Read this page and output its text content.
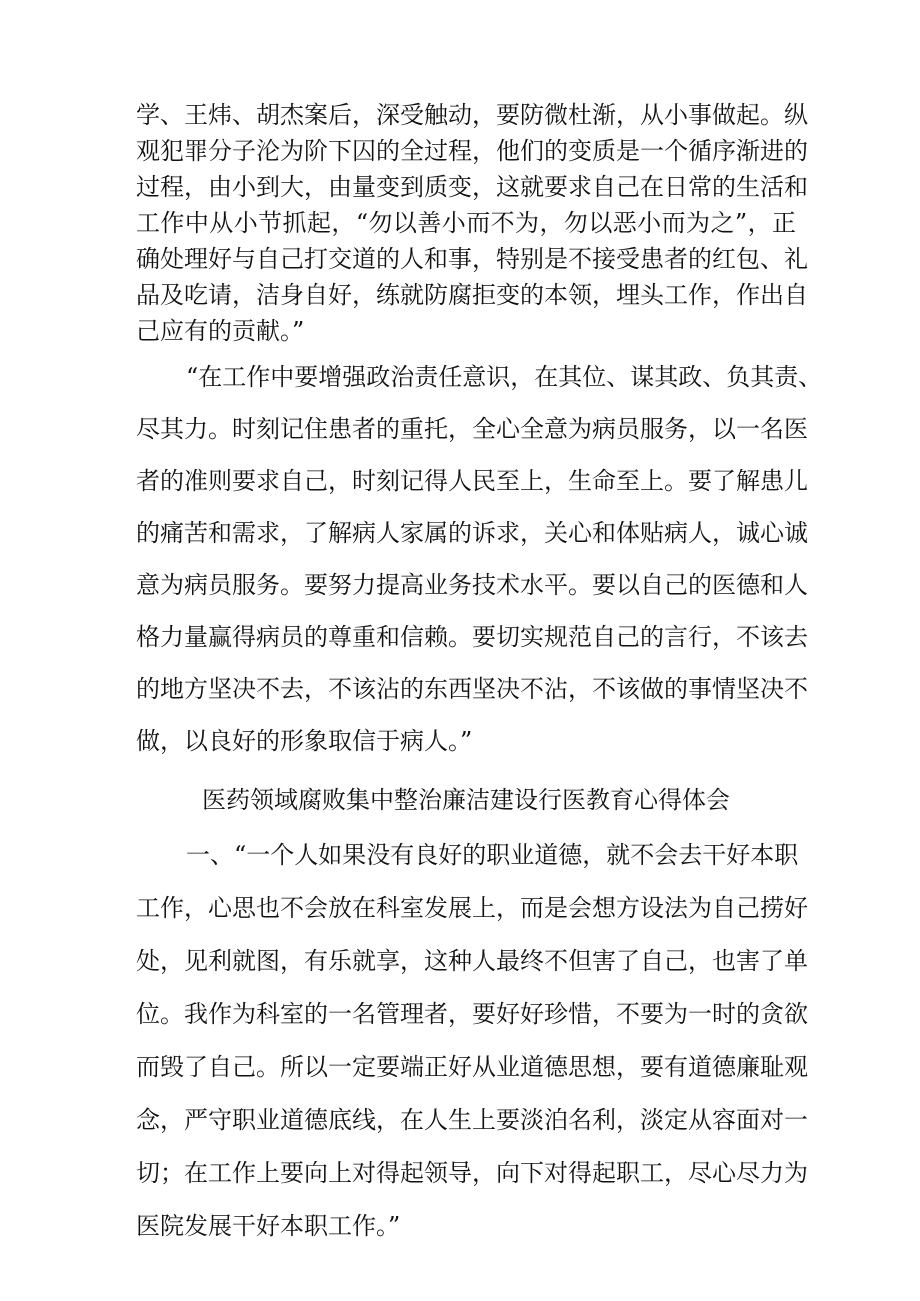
学、王炜、胡杰案后，深受触动，要防微杜渐，从小事做起。纵
观犯罪分子沦为阶下囚的全过程，他们的变质是一个循序渐进的
过程，由小到大，由量变到质变，这就要求自己在日常的生活和
工作中从小节抓起，“勿以善小而不为，勿以恶小而为之”，正
确处理好与自己打交道的人和事，特别是不接受患者的红包、礼
品及吃请，洁身自好，练就防腐拒变的本领，埋头工作，作出自
己应有的贡献。”
“在工作中要增强政治责任意识，在其位、谋其政、负其责、
尽其力。时刻记住患者的重托，全心全意为病员服务，以一名医
者的准则要求自己，时刻记得人民至上，生命至上。要了解患儿
的痛苦和需求，了解病人家属的诉求，关心和体贴病人，诚心诚
意为病员服务。要努力提高业务技术水平。要以自己的医德和人
格力量赢得病员的尊重和信赖。要切实规范自己的言行，不该去
的地方坚决不去，不该沾的东西坚决不沾，不该做的事情坚决不
做，以良好的形象取信于病人。”
医药领域腐败集中整治廉洁建设行医教育心得体会
一、“一个人如果没有良好的职业道德，就不会去干好本职
工作，心思也不会放在科室发展上，而是会想方设法为自己捞好
处，见利就图，有乐就享，这种人最终不但害了自己，也害了单
位。我作为科室的一名管理者，要好好珍惜，不要为一时的贪欲
而毁了自己。所以一定要端正好从业道德思想，要有道德廉耻观
念，严守职业道德底线，在人生上要淡泊名利，淡定从容面对一
切；在工作上要向上对得起领导，向下对得起职工，尽心尽力为
医院发展干好本职工作。”
